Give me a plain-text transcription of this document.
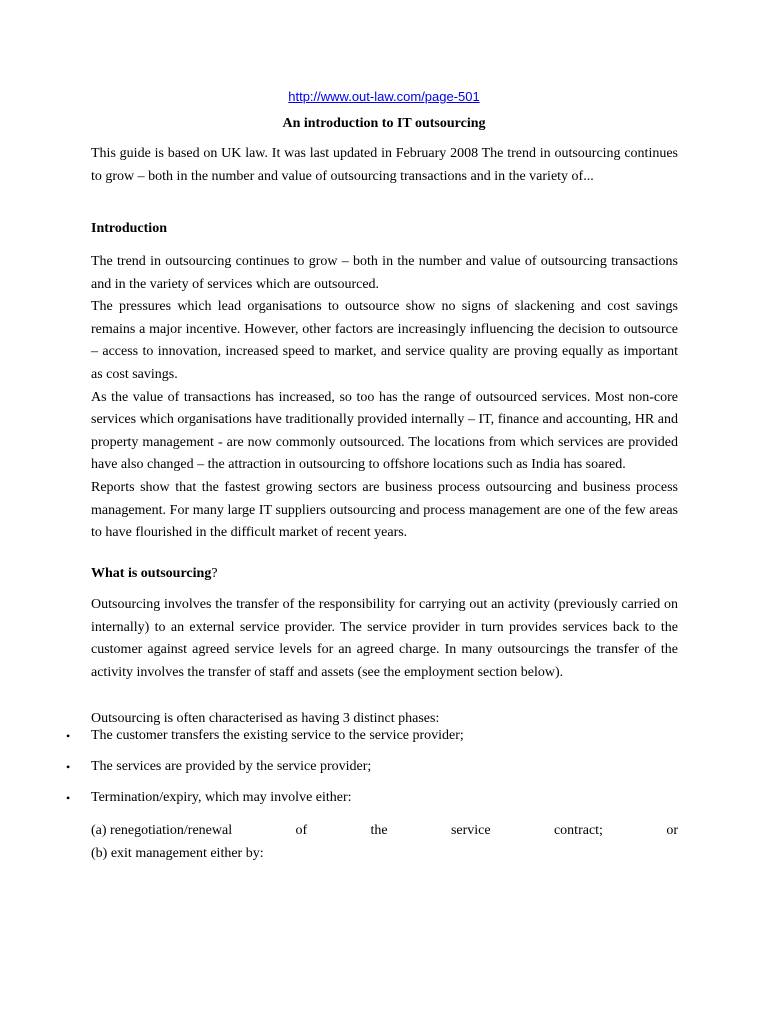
http://www.out-law.com/page-501
An introduction to IT outsourcing

This guide is based on UK law. It was last updated in February 2008 The trend in outsourcing continues to grow – both in the number and value of outsourcing transactions and in the variety of...

Introduction

The trend in outsourcing continues to grow – both in the number and value of outsourcing transactions and in the variety of services which are outsourced.

The pressures which lead organisations to outsource show no signs of slackening and cost savings remains a major incentive. However, other factors are increasingly influencing the decision to outsource – access to innovation, increased speed to market, and service quality are proving equally as important as cost savings.

As the value of transactions has increased, so too has the range of outsourced services. Most non-core services which organisations have traditionally provided internally – IT, finance and accounting, HR and property management - are now commonly outsourced. The locations from which services are provided have also changed – the attraction in outsourcing to offshore locations such as India has soared.

Reports show that the fastest growing sectors are business process outsourcing and business process management. For many large IT suppliers outsourcing and process management are one of the few areas to have flourished in the difficult market of recent years.

What is outsourcing?

Outsourcing involves the transfer of the responsibility for carrying out an activity (previously carried on internally) to an external service provider. The service provider in turn provides services back to the customer against agreed service levels for an agreed charge. In many outsourcings the transfer of the activity involves the transfer of staff and assets (see the employment section below).

Outsourcing is often characterised as having 3 distinct phases:

•	The customer transfers the existing service to the service provider;
•	The services are provided by the service provider;
•	Termination/expiry, which may involve either:
(a) renegotiation/renewal	of	the	service	contract;	or
(b) exit management either by:
